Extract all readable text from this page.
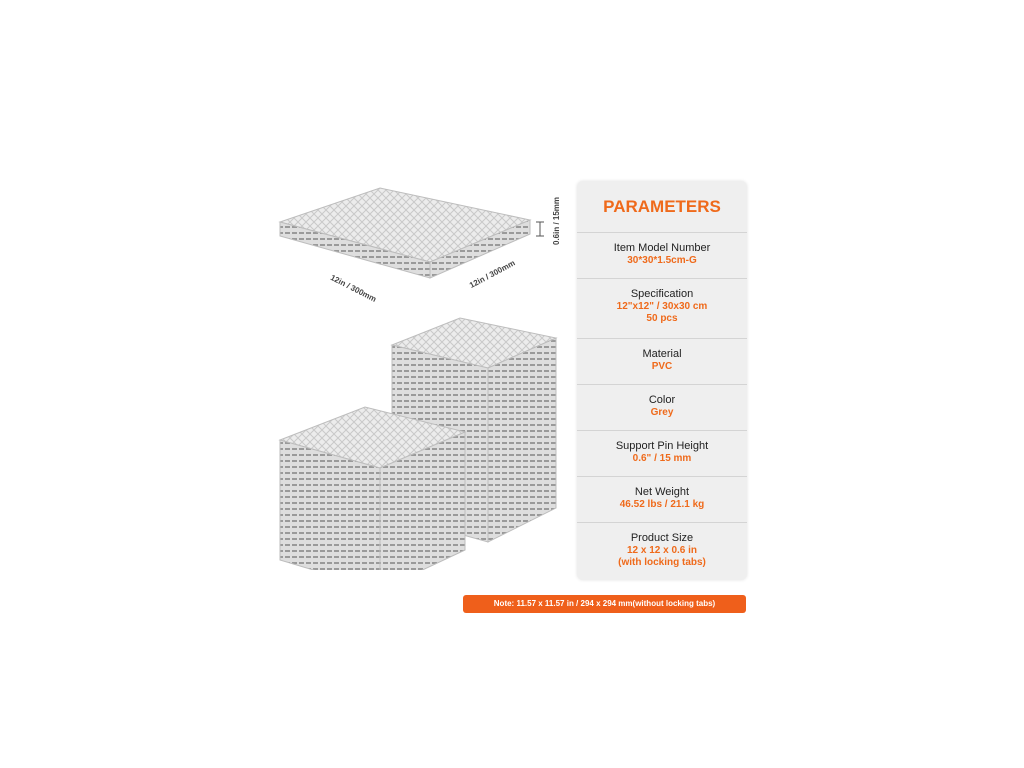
12in / 300mm	12in / 300mm
0.6in / 15mm	PARAMETERS
Item Model Number
30*30*1.5cm-G
Specification
12"x12" / 30x30 cm
50 pcs
Material
PVC
Color
Grey
Support Pin Height
0.6" / 15 mm
Net Weight
46.52 lbs / 21.1 kg
Product Size
12 x 12 x 0.6 in
(with locking tabs)
Note: 11.57 x 11.57 in / 294 x 294 mm(without locking tabs)
